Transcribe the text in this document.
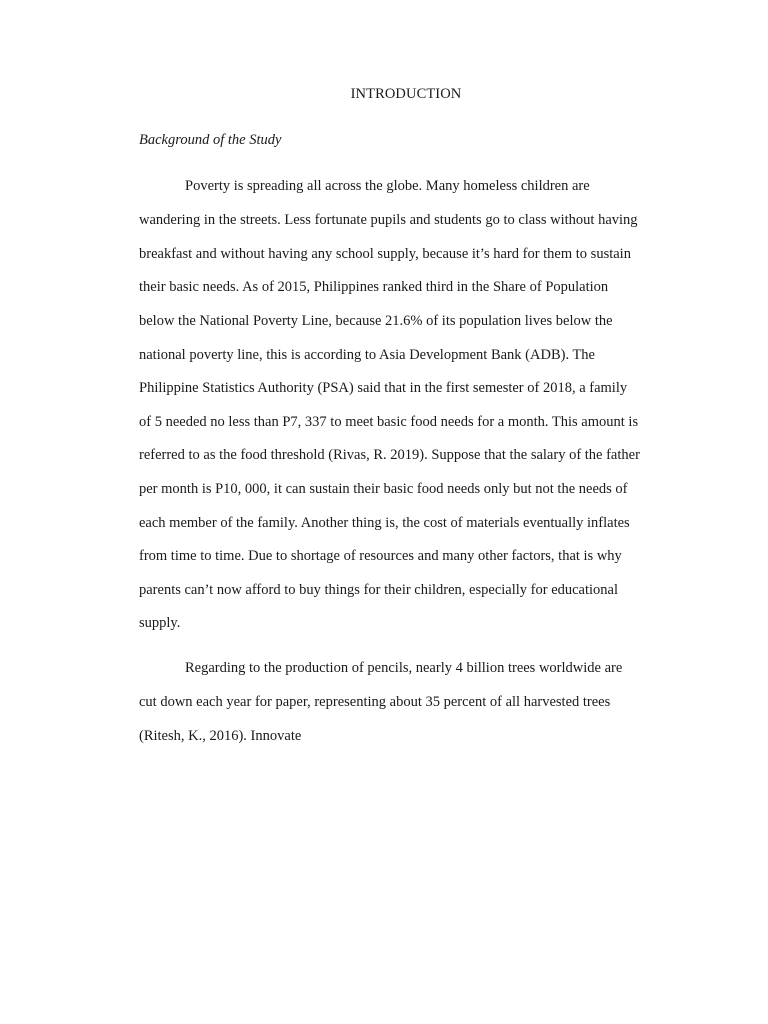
INTRODUCTION
Background of the Study
Poverty is spreading all across the globe. Many homeless children are
wandering in the streets. Less fortunate pupils and students go to class without having
breakfast and without having any school supply, because it’s hard for them to sustain
their basic needs. As of 2015, Philippines ranked third in the Share of Population
below the National Poverty Line, because 21.6% of its population lives below the
national poverty line, this is according to Asia Development Bank (ADB). The
Philippine Statistics Authority (PSA) said that in the first semester of 2018, a family
of 5 needed no less than P7, 337 to meet basic food needs for a month. This amount is
referred to as the food threshold (Rivas, R. 2019). Suppose that the salary of the father
per month is P10, 000, it can sustain their basic food needs only but not the needs of
each member of the family. Another thing is, the cost of materials eventually inflates
from time to time. Due to shortage of resources and many other factors, that is why
parents can’t now afford to buy things for their children, especially for educational
supply.
Regarding to the production of pencils, nearly 4 billion trees worldwide are
cut down each year for paper, representing about 35 percent of all harvested trees
(Ritesh, K., 2016). Innovate
